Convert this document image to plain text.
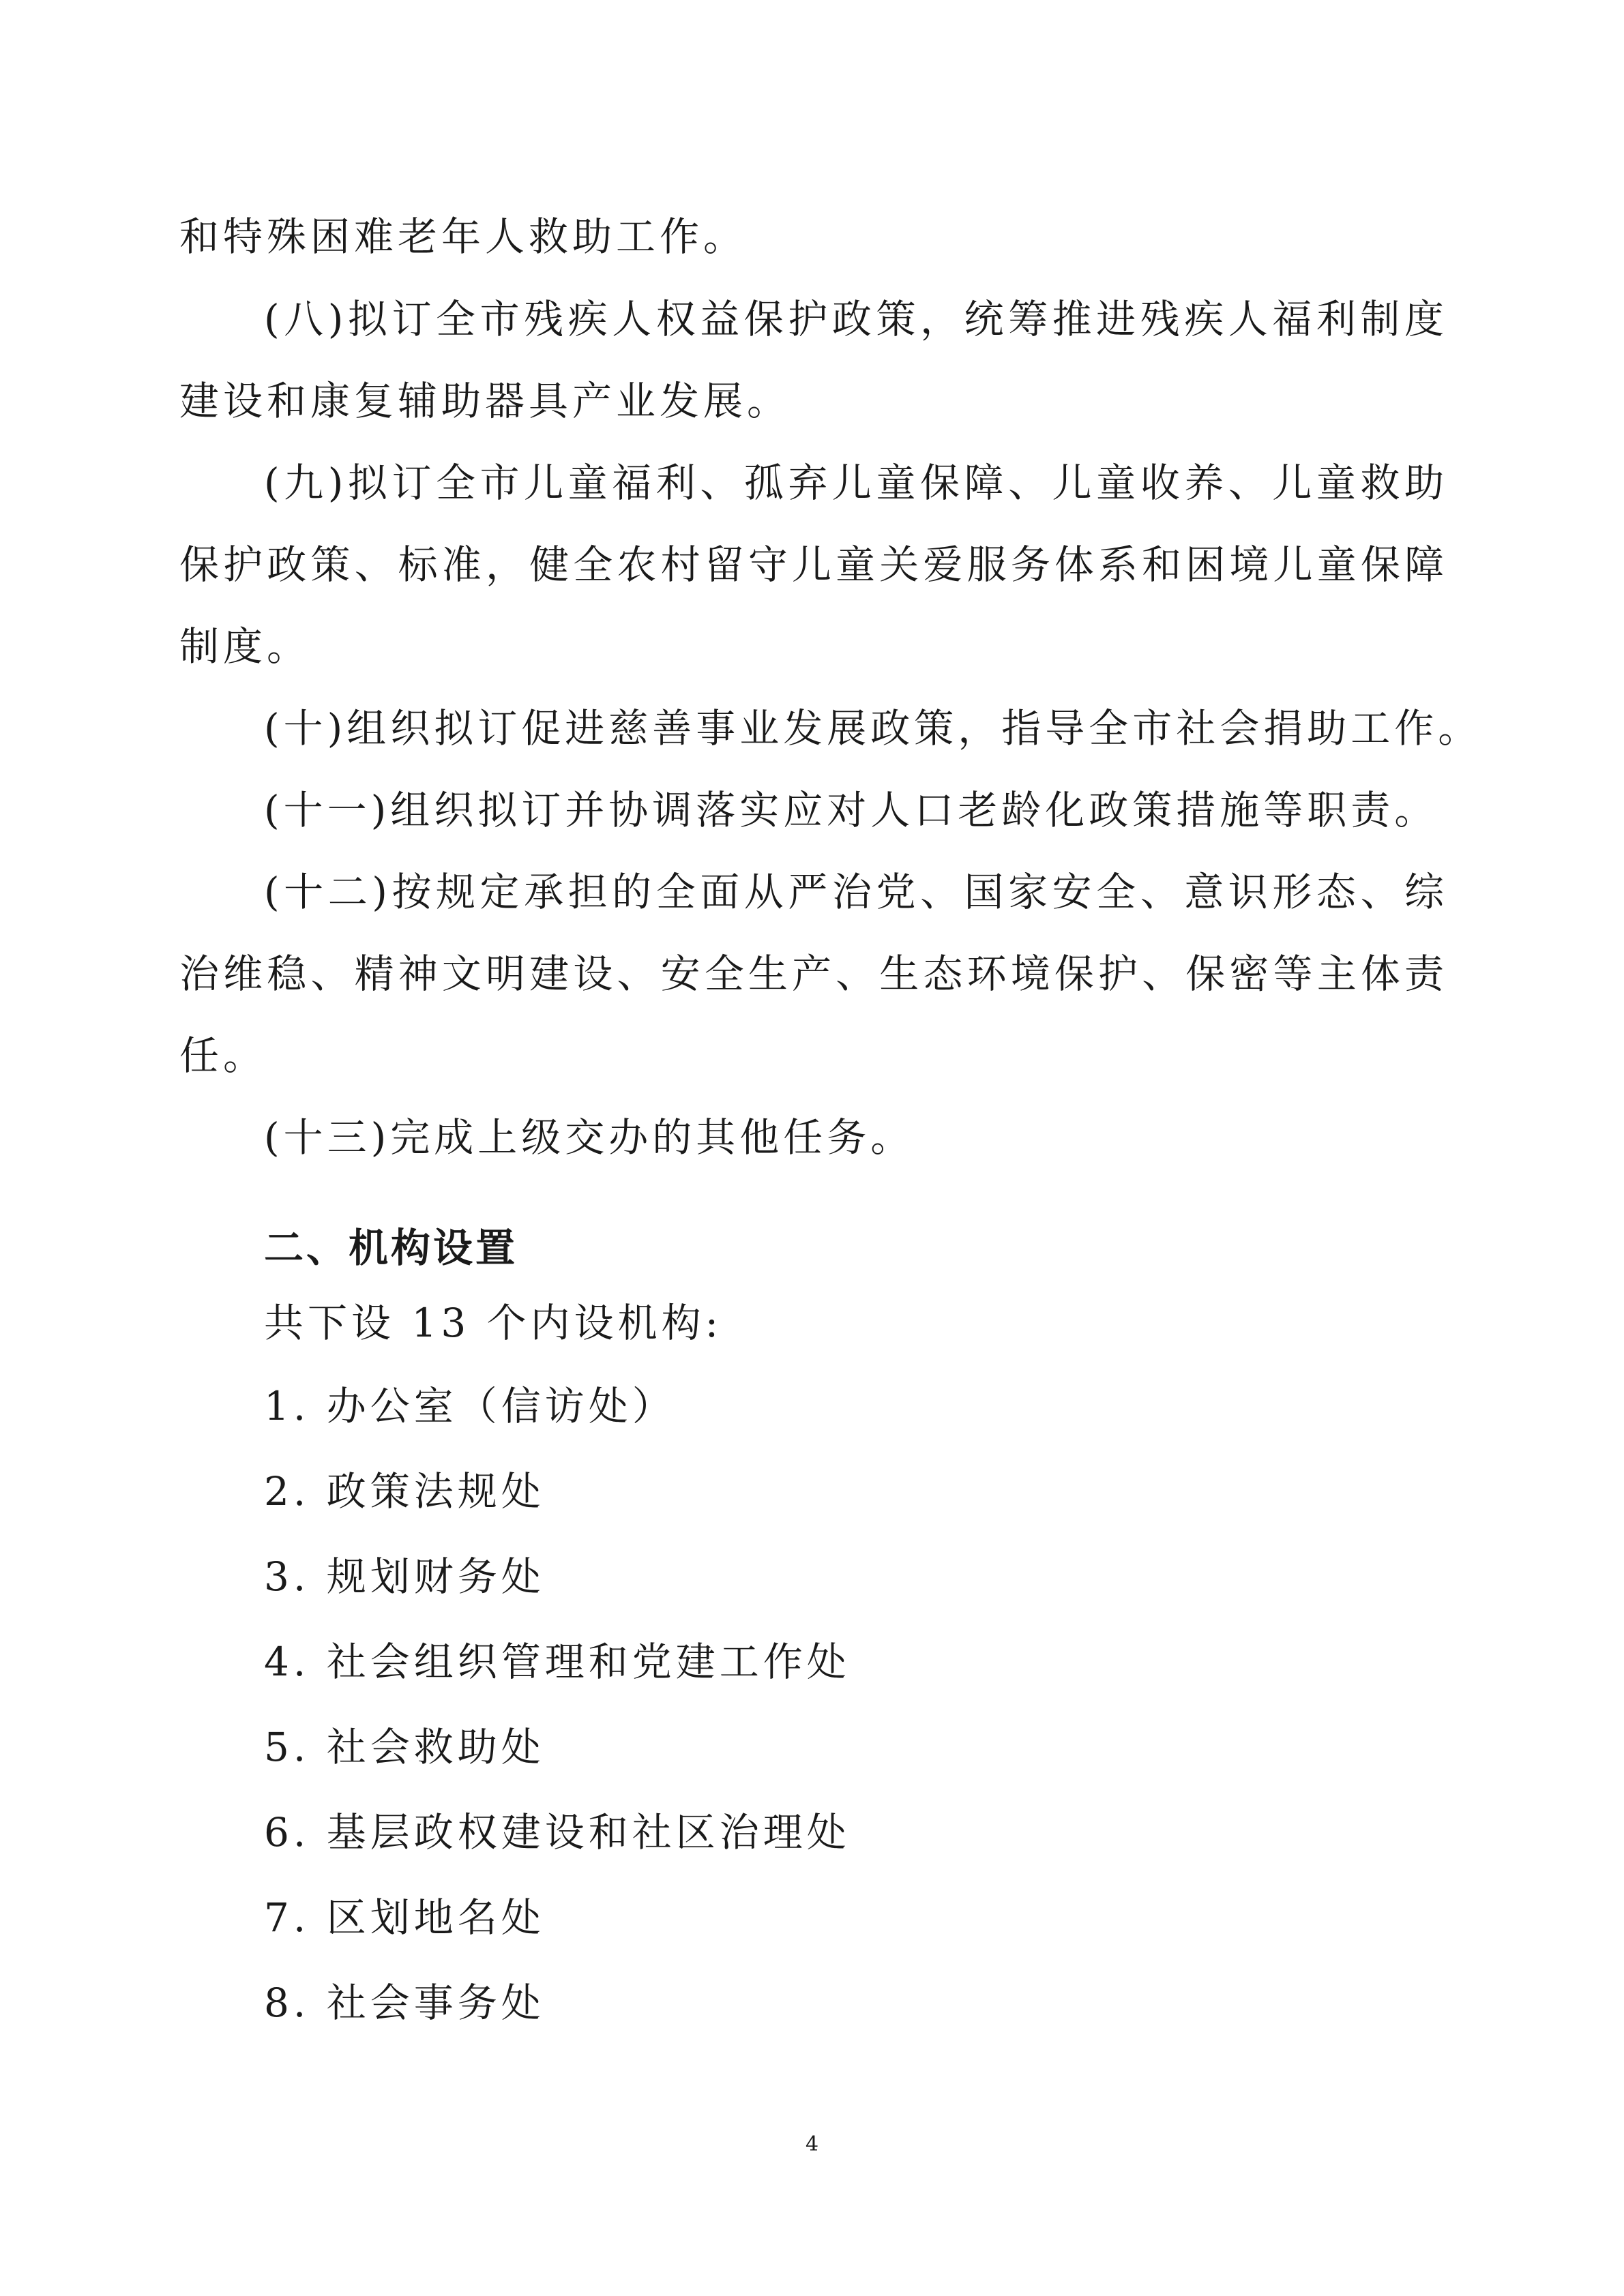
和特殊困难老年人救助工作。
(八)拟订全市残疾人权益保护政策，统筹推进残疾人福利制度
建设和康复辅助器具产业发展。
(九)拟订全市儿童福利、孤弃儿童保障、儿童收养、儿童救助
保护政策、标准，健全农村留守儿童关爱服务体系和困境儿童保障
制度。
(十)组织拟订促进慈善事业发展政策，指导全市社会捐助工作。
(十一)组织拟订并协调落实应对人口老龄化政策措施等职责。
(十二)按规定承担的全面从严治党、国家安全、意识形态、综
治维稳、精神文明建设、安全生产、生态环境保护、保密等主体责
任。
(十三)完成上级交办的其他任务。
二、机构设置
共下设 13 个内设机构:
1. 办公室（信访处）
2. 政策法规处
3. 规划财务处
4. 社会组织管理和党建工作处
5. 社会救助处
6. 基层政权建设和社区治理处
7. 区划地名处
8. 社会事务处
4
